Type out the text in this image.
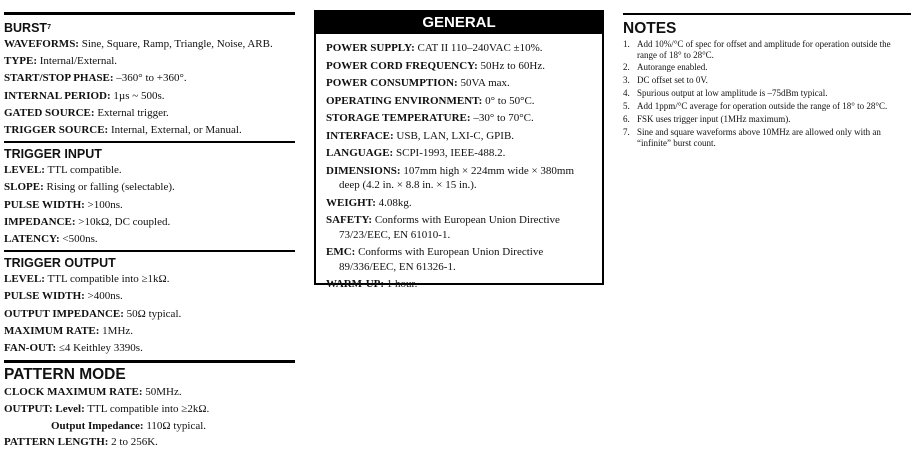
BURST$^7$
WAVEFORMS: Sine, Square, Ramp, Triangle, Noise, ARB.
TYPE: Internal/External.
START/STOP PHASE: –360° to +360°.
INTERNAL PERIOD: 1µs ~ 500s.
GATED SOURCE: External trigger.
TRIGGER SOURCE: Internal, External, or Manual.
TRIGGER INPUT
LEVEL: TTL compatible.
SLOPE: Rising or falling (selectable).
PULSE WIDTH: >100ns.
IMPEDANCE: >10kΩ, DC coupled.
LATENCY: <500ns.
TRIGGER OUTPUT
LEVEL: TTL compatible into ≥1kΩ.
PULSE WIDTH: >400ns.
OUTPUT IMPEDANCE: 50Ω typical.
MAXIMUM RATE: 1MHz.
FAN-OUT: ≤4 Keithley 3390s.
PATTERN MODE
CLOCK MAXIMUM RATE: 50MHz.
OUTPUT: Level: TTL compatible into ≥2kΩ.
Output Impedance: 110Ω typical.
PATTERN LENGTH: 2 to 256K.
GENERAL
POWER SUPPLY: CAT II 110–240VAC ±10%.
POWER CORD FREQUENCY: 50Hz to 60Hz.
POWER CONSUMPTION: 50VA max.
OPERATING ENVIRONMENT: 0° to 50°C.
STORAGE TEMPERATURE: –30° to 70°C.
INTERFACE: USB, LAN, LXI-C, GPIB.
LANGUAGE: SCPI-1993, IEEE-488.2.
DIMENSIONS: 107mm high × 224mm wide × 380mm
deep (4.2 in. × 8.8 in. × 15 in.).
WEIGHT: 4.08kg.
SAFETY: Conforms with European Union Directive
73/23/EEC, EN 61010-1.
EMC: Conforms with European Union Directive
89/336/EEC, EN 61326-1.
WARM-UP: 1 hour.
NOTES
1. Add 10%/°C of spec for offset and amplitude for operation outside the range of 18° to 28°C.
2. Autorange enabled.
3. DC offset set to 0V.
4. Spurious output at low amplitude is –75dBm typical.
5. Add 1ppm/°C average for operation outside the range of 18° to 28°C.
6. FSK uses trigger input (1MHz maximum).
7. Sine and square waveforms above 10MHz are allowed only with an “infinite” burst count.
